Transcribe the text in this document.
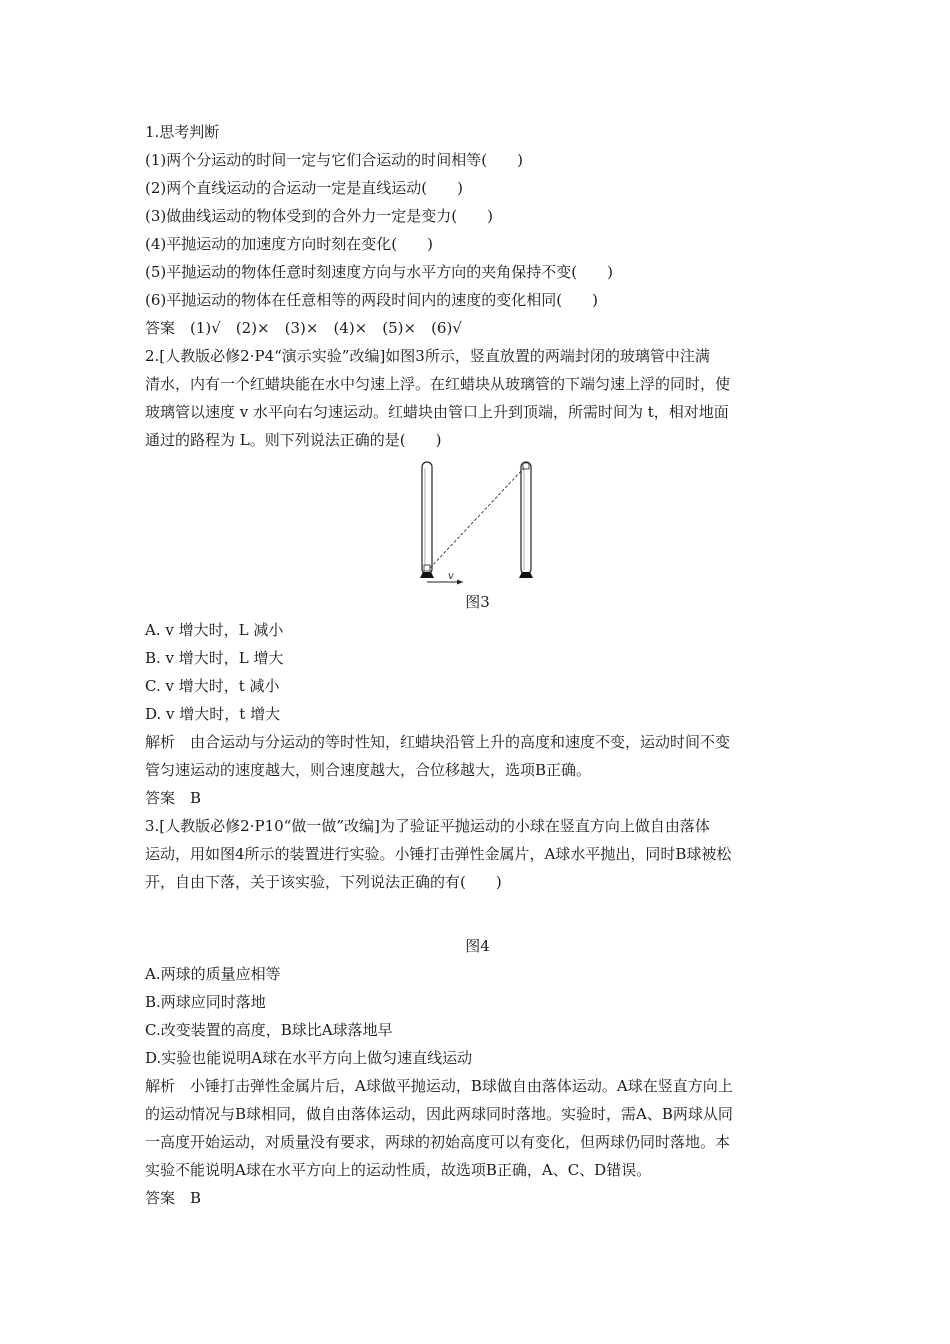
1.思考判断
(1)两个分运动的时间一定与它们合运动的时间相等(　　)
(2)两个直线运动的合运动一定是直线运动(　　)
(3)做曲线运动的物体受到的合外力一定是变力(　　)
(4)平抛运动的加速度方向时刻在变化(　　)
(5)平抛运动的物体任意时刻速度方向与水平方向的夹角保持不变(　　)
(6)平抛运动的物体在任意相等的两段时间内的速度的变化相同(　　)
答案　(1)√　(2)×　(3)×　(4)×　(5)×　(6)√
2.[人教版必修2·P4“演示实验”改编]如图3所示，竖直放置的两端封闭的玻璃管中注满
清水，内有一个红蜡块能在水中匀速上浮。在红蜡块从玻璃管的下端匀速上浮的同时，使
玻璃管以速度 v 水平向右匀速运动。红蜡块由管口上升到顶端，所需时间为 t，相对地面
通过的路程为 L。则下列说法正确的是(　　)
v
图3
A. v 增大时，L 减小
B. v 增大时，L 增大
C. v 增大时，t 减小
D. v 增大时，t 增大
解析　由合运动与分运动的等时性知，红蜡块沿管上升的高度和速度不变，运动时间不变
管匀速运动的速度越大，则合速度越大，合位移越大，选项B正确。
答案　B
3.[人教版必修2·P10“做一做”改编]为了验证平抛运动的小球在竖直方向上做自由落体
运动，用如图4所示的装置进行实验。小锤打击弹性金属片，A球水平抛出，同时B球被松
开，自由下落，关于该实验，下列说法正确的有(　　)
图4
A.两球的质量应相等
B.两球应同时落地
C.改变装置的高度，B球比A球落地早
D.实验也能说明A球在水平方向上做匀速直线运动
解析　小锤打击弹性金属片后，A球做平抛运动，B球做自由落体运动。A球在竖直方向上
的运动情况与B球相同，做自由落体运动，因此两球同时落地。实验时，需A、B两球从同
一高度开始运动，对质量没有要求，两球的初始高度可以有变化，但两球仍同时落地。本
实验不能说明A球在水平方向上的运动性质，故选项B正确，A、C、D错误。
答案　B
